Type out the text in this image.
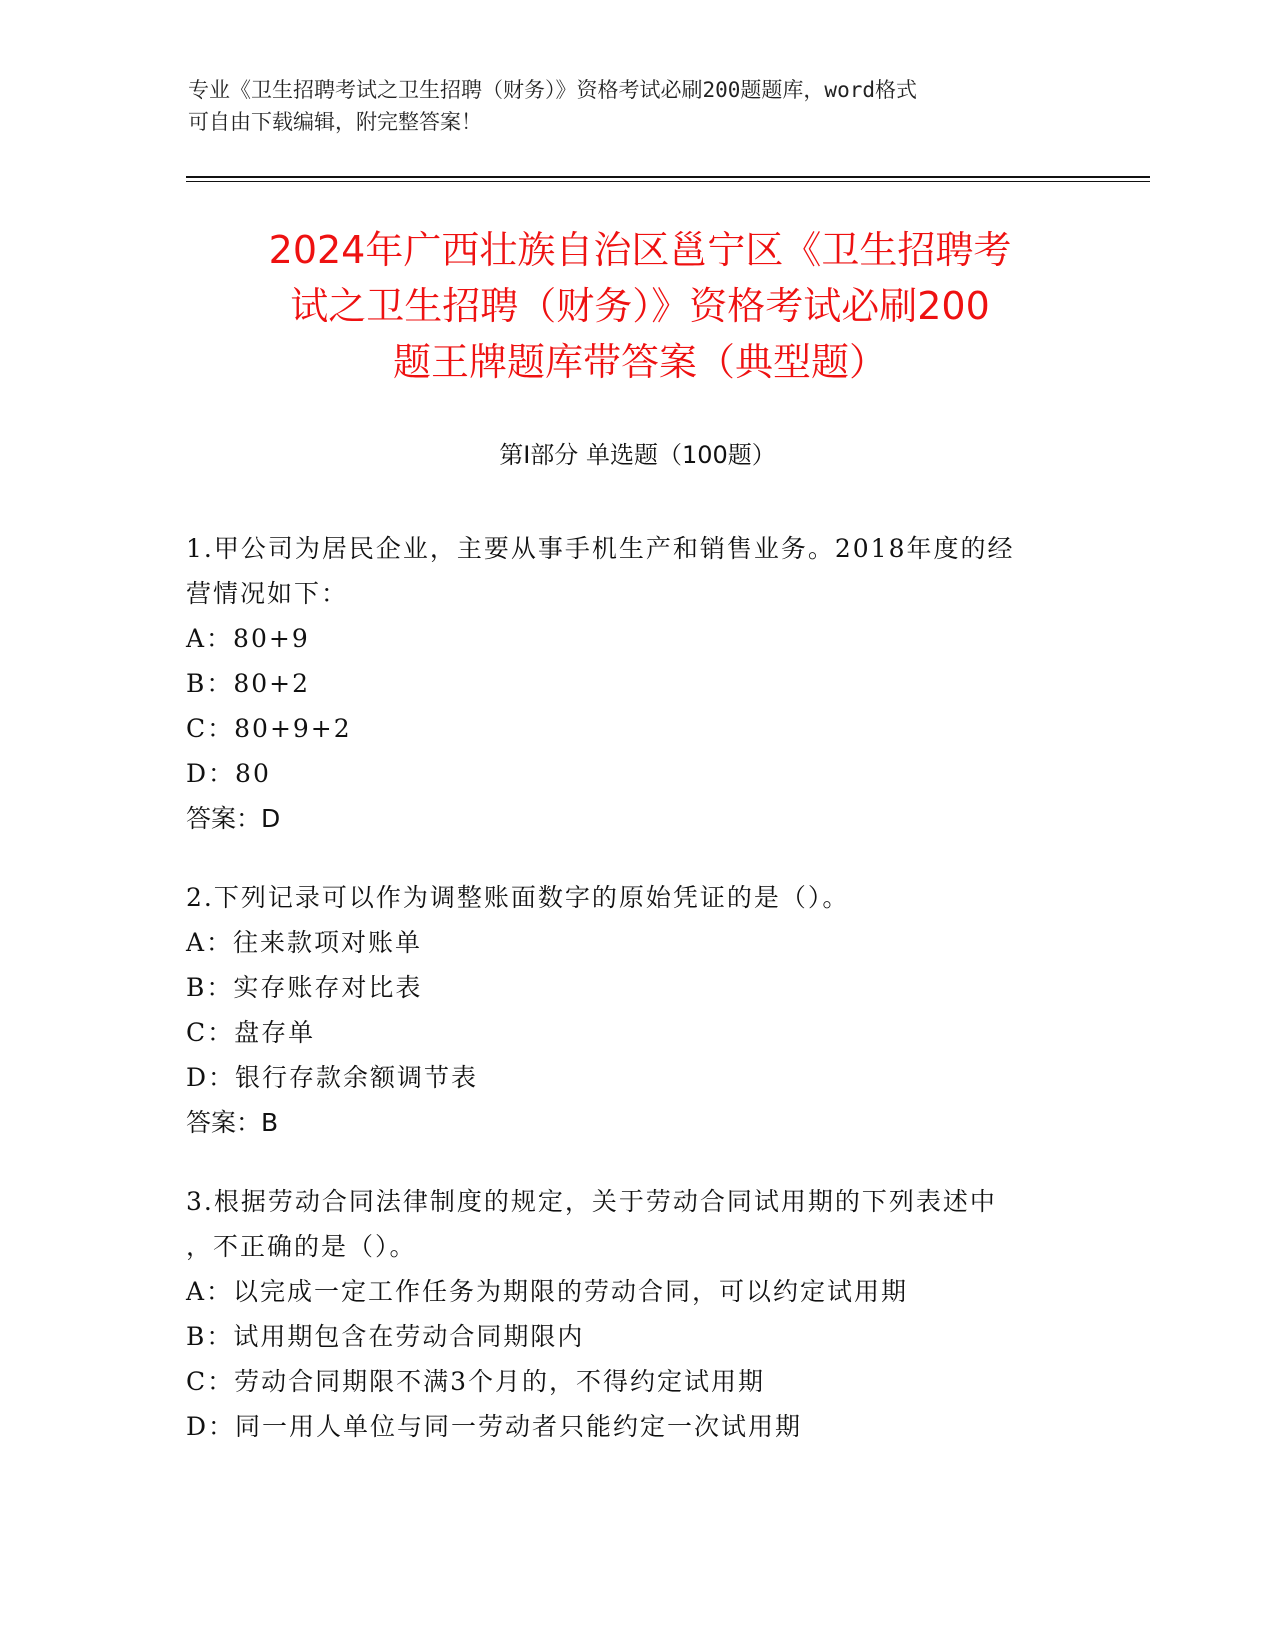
专业《卫生招聘考试之卫生招聘（财务）》资格考试必刷200题题库，word格式
可自由下载编辑，附完整答案！
2024年广西壮族自治区邕宁区《卫生招聘考
试之卫生招聘（财务）》资格考试必刷200
题王牌题库带答案（典型题）
第I部分 单选题（100题）
1.甲公司为居民企业，主要从事手机生产和销售业务。2018年度的经
营情况如下：
A：80+9
B：80+2
C：80+9+2
D：80
答案：D
2.下列记录可以作为调整账面数字的原始凭证的是（）。
A：往来款项对账单
B：实存账存对比表
C：盘存单
D：银行存款余额调节表
答案：B
3.根据劳动合同法律制度的规定，关于劳动合同试用期的下列表述中
，不正确的是（）。
A：以完成一定工作任务为期限的劳动合同，可以约定试用期
B：试用期包含在劳动合同期限内
C：劳动合同期限不满3个月的，不得约定试用期
D：同一用人单位与同一劳动者只能约定一次试用期
